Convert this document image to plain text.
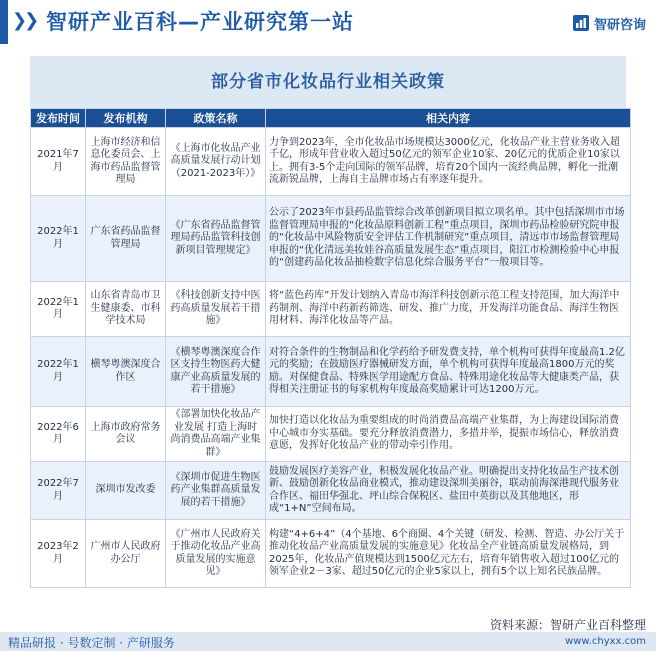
❯❯ 智研产业百科—产业研究第一站	智研咨询
部分省市化妆品行业相关政策
发布时间	发布机构	政策名称	相关内容
2021年7月	上海市经济和信息化委员会、上海市药品监督管理局	《上海市化妆品产业高质量发展行动计划（2021-2023年）》	力争到2023年，全市化妆品市场规模达3000亿元，化妆品产业主营业务收入超千亿，形成年营业收入超过50亿元的领军企业10家、20亿元的优质企业10家以上。拥有3-5个走向国际的领军品牌，培育20个国内一流经典品牌，孵化一批潮流新锐品牌，上海自主品牌市场占有率逐年提升。
2022年1月	广东省药品监督管理局	《广东省药品监督管理局药品监管科技创新项目管理规定》	公示了2023年市县药品监管综合改革创新项目拟立项名单。其中包括深圳市市场监督管理局申报的“化妆品原料创新工程”重点项目，深圳市药品检验研究院申报的“化妆品中风险物质安全评估工作机制研究”重点项目，清远市市场监督管理局申报的“优化清远美妆娃谷高质量发展生态”重点项目，阳江市检测检验中心申报的“创建药品化妆品抽检数字信息化综合服务平台”一般项目等。
2022年1月	山东省青岛市卫生健康委、市科学技术局	《科技创新支持中医药高质量发展若干措施》	将“蓝色药库”开发计划纳入青岛市海洋科技创新示范工程支持范围，加大海洋中药制剂、海洋中药新药筛选、研发、推广力度，开发海洋功能食品、海洋生物医用材料、海洋化妆品等产品。
2022年1月	横琴粤澳深度合作区	《横琴粤澳深度合作区支持生物医药大健康产业高质量发展的若干措施》	对符合条件的生物制品和化学药给予研发费支持，单个机构可获得年度最高1.2亿元的奖励；在鼓励医疗器械研发方面，单个机构可获得年度最高1800万元的奖励。对保健食品、特殊医学用途配方食品、特殊用途化妆品等大健康类产品，获得相关注册证书的每家机构年度最高奖励累计可达1200万元。
2022年6月	上海市政府常务会议	《部署加快化妆品产业发展 打造上海时尚消费品高端产业集群》	加快打造以化妆品为重要组成的时尚消费品高端产业集群，为上海建设国际消费中心城市夯实基础。要充分释放消费潜力，多措并举，提振市场信心，释放消费意愿，发挥好化妆品产业的带动牵引作用。
2022年7月	深圳市发改委	《深圳市促进生物医药产业集群高质量发展的若干措施》	鼓励发展医疗美容产业，积极发展化妆品产业。明确提出支持化妆品生产技术创新、鼓励创新化妆品商业模式，推动建设深圳美丽谷，联动前海深港现代服务业合作区、福田华强北、坪山综合保税区、盐田中英街以及其他地区，形成“1+N”空间布局。
2023年2月	广州市人民政府办公厅	《广州市人民政府关于推动化妆品产业高质量发展的实施意见》	构建“4+6+4”（4个基地、6个商圈、4个关键（研发、检测、智造、办公厅关于推动化妆品产业高质量发展的实施意见》化妆品全产业链高质量发展格局，到2025年，化妆品产值规模达到1500亿元左右，培育年销售收入超过100亿元的领军企业2－3家、超过50亿元的企业5家以上，拥有5个以上知名民族品牌。
资料来源：智研产业百科整理
精品研报 · 号数定制 · 产研服务	www.chyxx.com
